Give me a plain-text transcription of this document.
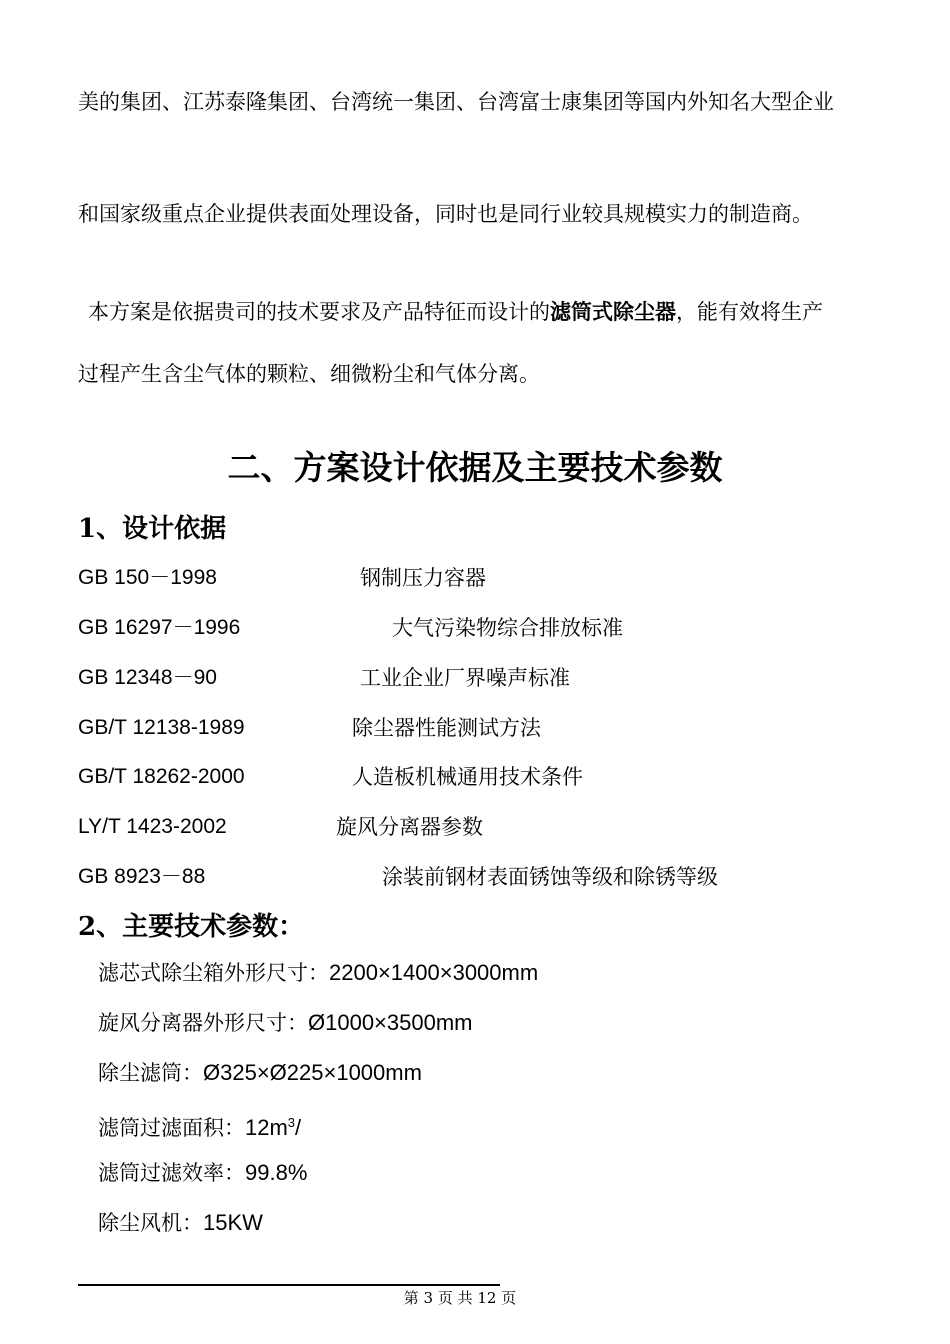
美的集团、江苏泰隆集团、台湾统一集团、台湾富士康集团等国内外知名大型企业
和国家级重点企业提供表面处理设备，同时也是同行业较具规模实力的制造商。
本方案是依据贵司的技术要求及产品特征而设计的滤筒式除尘器，能有效将生产
过程产生含尘气体的颗粒、细微粉尘和气体分离。
二、方案设计依据及主要技术参数
1、设计依据
GB 150－1998	钢制压力容器
GB 16297－1996	大气污染物综合排放标准
GB 12348－90	工业企业厂界噪声标准
GB/T 12138-1989	除尘器性能测试方法
GB/T 18262-2000	人造板机械通用技术条件
LY/T 1423-2002	旋风分离器参数
GB 8923－88	涂装前钢材表面锈蚀等级和除锈等级
2、主要技术参数：
滤芯式除尘箱外形尺寸：2200×1400×3000mm
旋风分离器外形尺寸：Ø1000×3500mm
除尘滤筒：Ø325×Ø225×1000mm
滤筒过滤面积：$12m^3/$
滤筒过滤效率：99.8%
除尘风机：15KW
第 3 页 共 12 页
